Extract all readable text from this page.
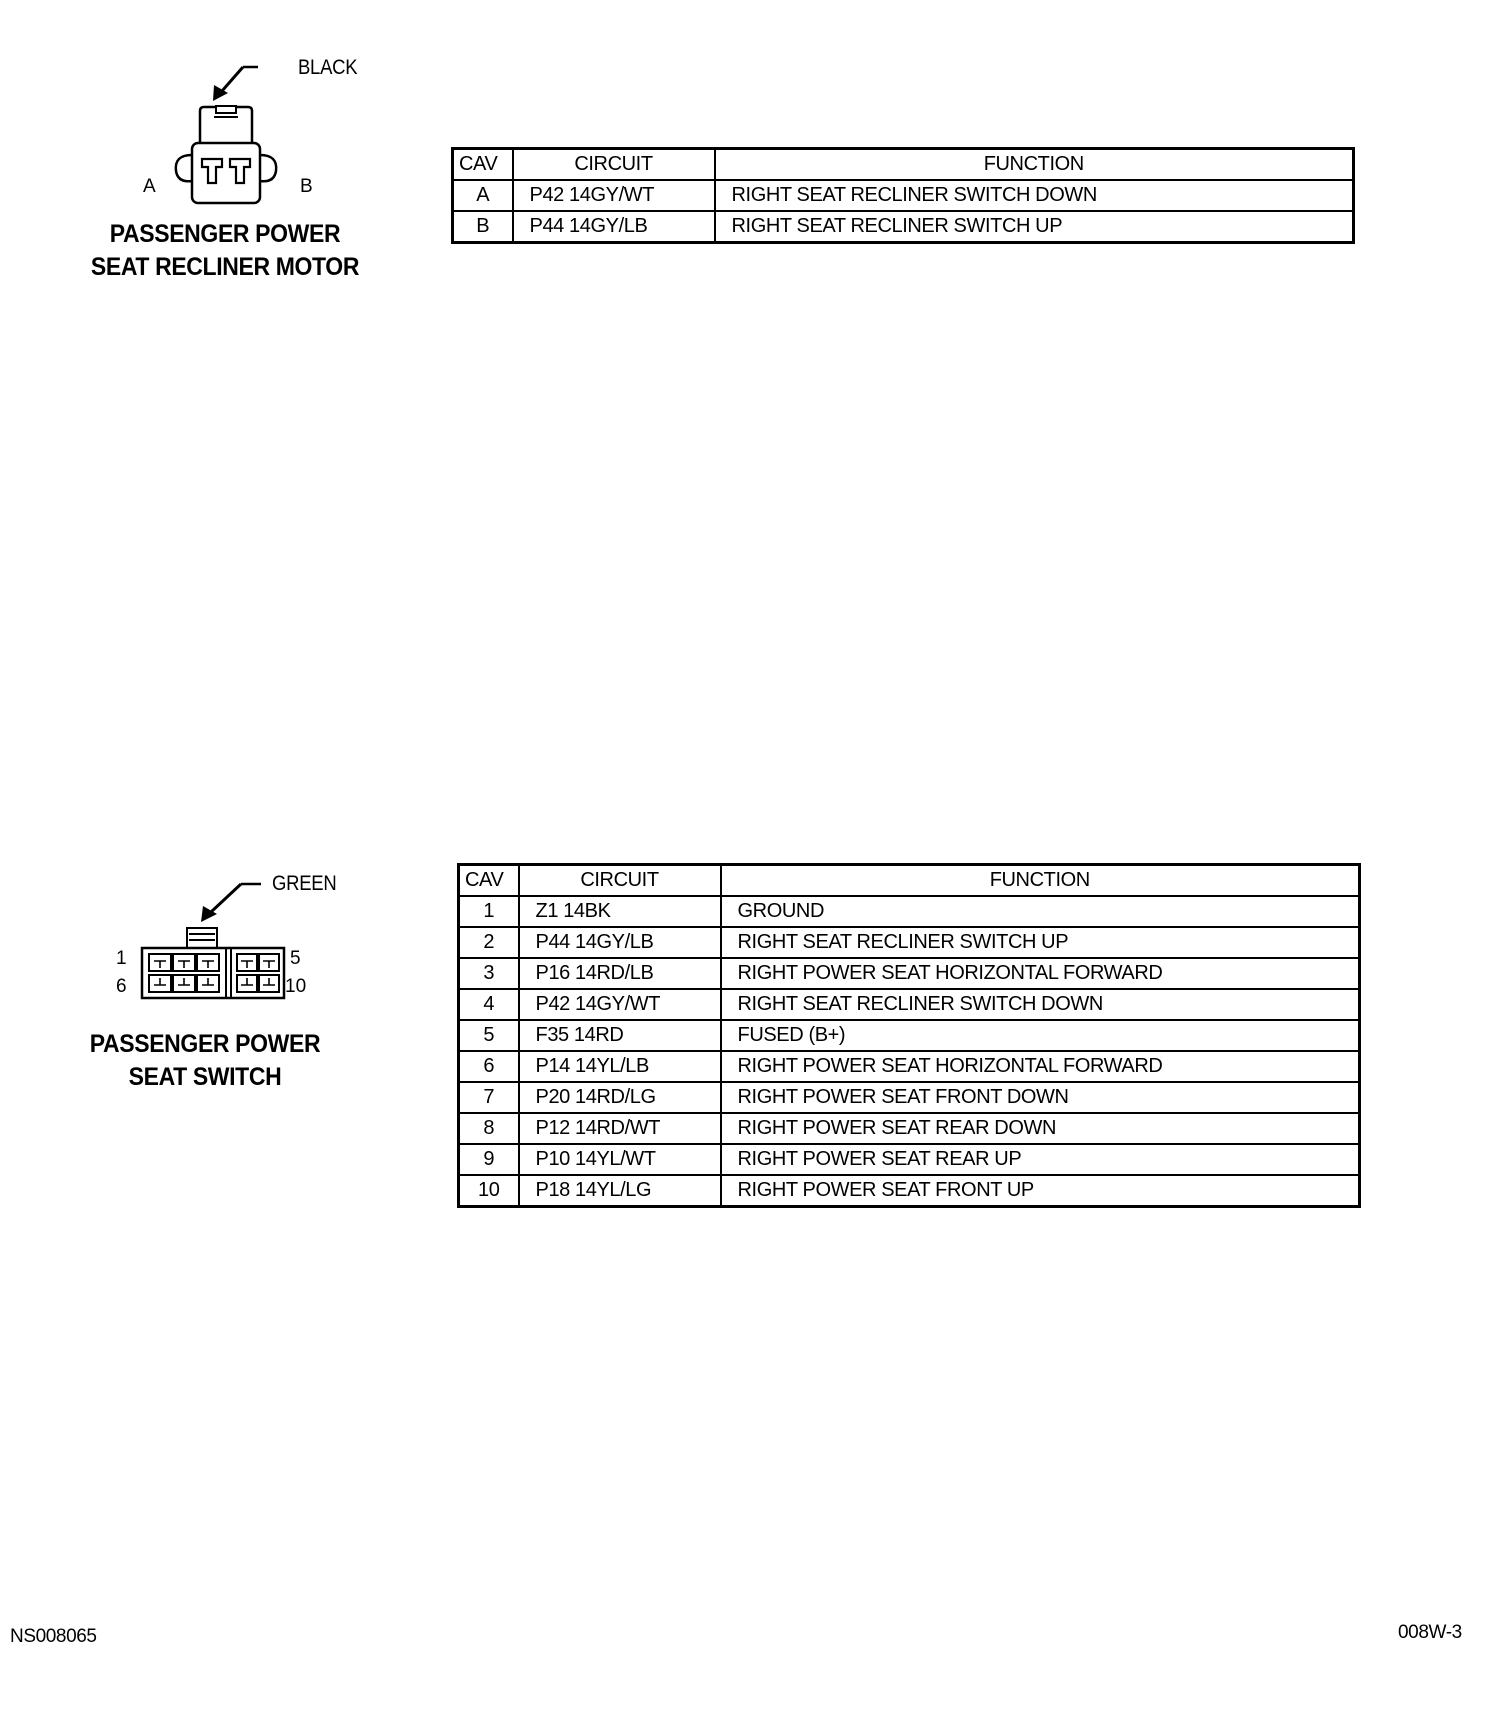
BLACK
A	B
PASSENGER POWER
SEAT RECLINER MOTOR
CAV	CIRCUIT	FUNCTION
A	P42 14GY/WT	RIGHT SEAT RECLINER SWITCH DOWN
B	P44 14GY/LB	RIGHT SEAT RECLINER SWITCH UP
GREEN
1
6
5
10
PASSENGER POWER
SEAT SWITCH
CAV	CIRCUIT	FUNCTION
1	Z1 14BK	GROUND
2	P44 14GY/LB	RIGHT SEAT RECLINER SWITCH UP
3	P16 14RD/LB	RIGHT POWER SEAT HORIZONTAL FORWARD
4	P42 14GY/WT	RIGHT SEAT RECLINER SWITCH DOWN
5	F35 14RD	FUSED (B+)
6	P14 14YL/LB	RIGHT POWER SEAT HORIZONTAL FORWARD
7	P20 14RD/LG	RIGHT POWER SEAT FRONT DOWN
8	P12 14RD/WT	RIGHT POWER SEAT REAR DOWN
9	P10 14YL/WT	RIGHT POWER SEAT REAR UP
10	P18 14YL/LG	RIGHT POWER SEAT FRONT UP
NS008065	008W-3
